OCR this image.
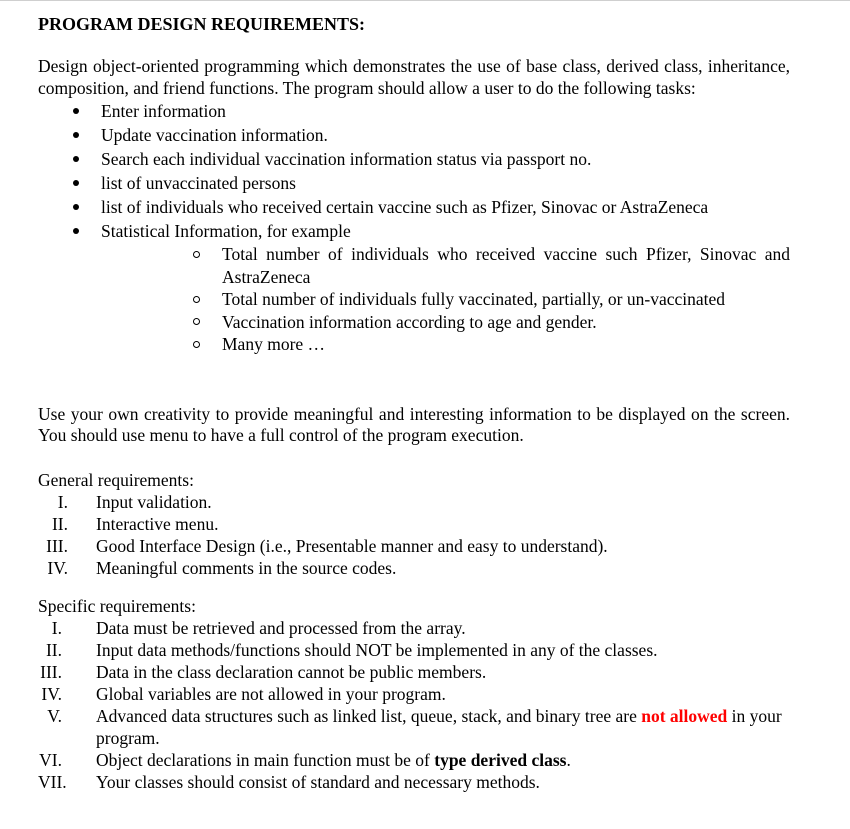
PROGRAM DESIGN REQUIREMENTS:
Design object-oriented programming which demonstrates the use of base class, derived class, inheritance, composition, and friend functions. The program should allow a user to do the following tasks:
Enter information
Update vaccination information.
Search each individual vaccination information status via passport no.
list of unvaccinated persons
list of individuals who received certain vaccine such as Pfizer, Sinovac or AstraZeneca
Statistical Information, for example
Total number of individuals who received vaccine such Pfizer, Sinovac and AstraZeneca
Total number of individuals fully vaccinated, partially, or un-vaccinated
Vaccination information according to age and gender.
Many more …
Use your own creativity to provide meaningful and interesting information to be displayed on the screen. You should use menu to have a full control of the program execution.
General requirements:
I. Input validation.
II. Interactive menu.
III. Good Interface Design (i.e., Presentable manner and easy to understand).
IV. Meaningful comments in the source codes.
Specific requirements:
I. Data must be retrieved and processed from the array.
II. Input data methods/functions should NOT be implemented in any of the classes.
III. Data in the class declaration cannot be public members.
IV. Global variables are not allowed in your program.
V. Advanced data structures such as linked list, queue, stack, and binary tree are not allowed in your program.
VI. Object declarations in main function must be of type derived class.
VII. Your classes should consist of standard and necessary methods.
